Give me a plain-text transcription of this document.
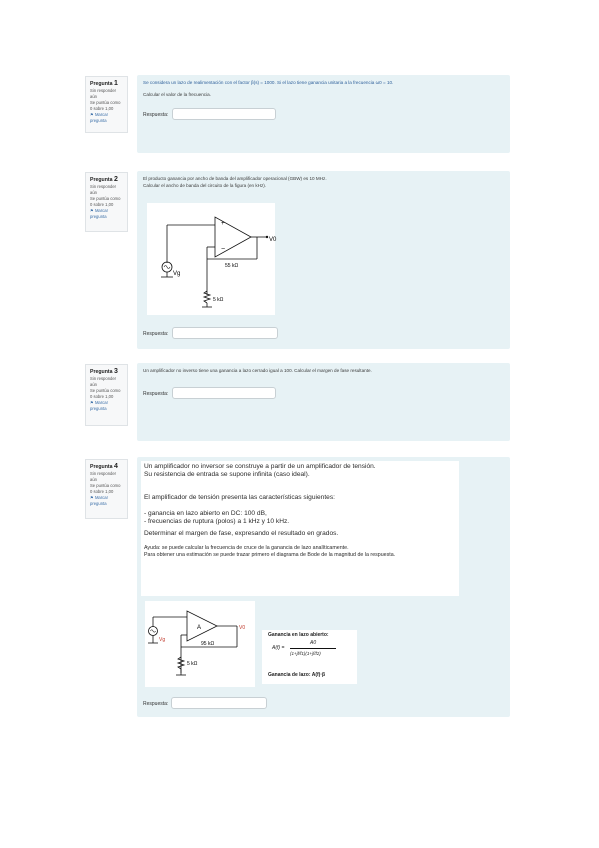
Pregunta 1
Sin responder aún
Se puntúa como 0 sobre 1,00
⚑ Marcar pregunta
Se considera un lazo de realimentación con el factor β(s) = 1000. Si el lazo tiene ganancia unitaria a la frecuencia ω0 = 10.
Calcular el valor de la frecuencia.
Respuesta:
Pregunta 2
Sin responder aún
Se puntúa como 0 sobre 1,00
⚑ Marcar pregunta
El producto ganancia por ancho de banda del amplificador operacional (GBW) es 10 MHz.
Calcular el ancho de banda del circuito de la figura (en kHz).
+
−
V0
Vg
55 kΩ
5 kΩ
Respuesta:
Pregunta 3
Sin responder aún
Se puntúa como 0 sobre 1,00
⚑ Marcar pregunta
Un amplificador no inverso tiene una ganancia a lazo cerrado igual a 100. Calcular el margen de fase resultante.
Respuesta:
Pregunta 4
Sin responder aún
Se puntúa como 0 sobre 1,00
⚑ Marcar pregunta

Un amplificador no inversor se construye a partir de un amplificador de tensión.

Su resistencia de entrada se supone infinita (caso ideal).

El amplificador de tensión presenta las características siguientes:

- ganancia en lazo abierto en DC: 100 dB,

- frecuencias de ruptura (polos) a 1 kHz y 10 kHz.

Determinar el margen de fase, expresando el resultado en grados.

Ayuda: se puede calcular la frecuencia de cruce de la ganancia de lazo analíticamente.

Para obtener una estimación se puede trazar primero el diagrama de Bode de la magnitud de la respuesta.

A
Vg
V0
95 kΩ
5 kΩ
Ganancia en lazo abierto:
A(f) =
A0
(1+jf/f1)(1+jf/f2)
Ganancia de lazo: A(f)·β
Respuesta:
